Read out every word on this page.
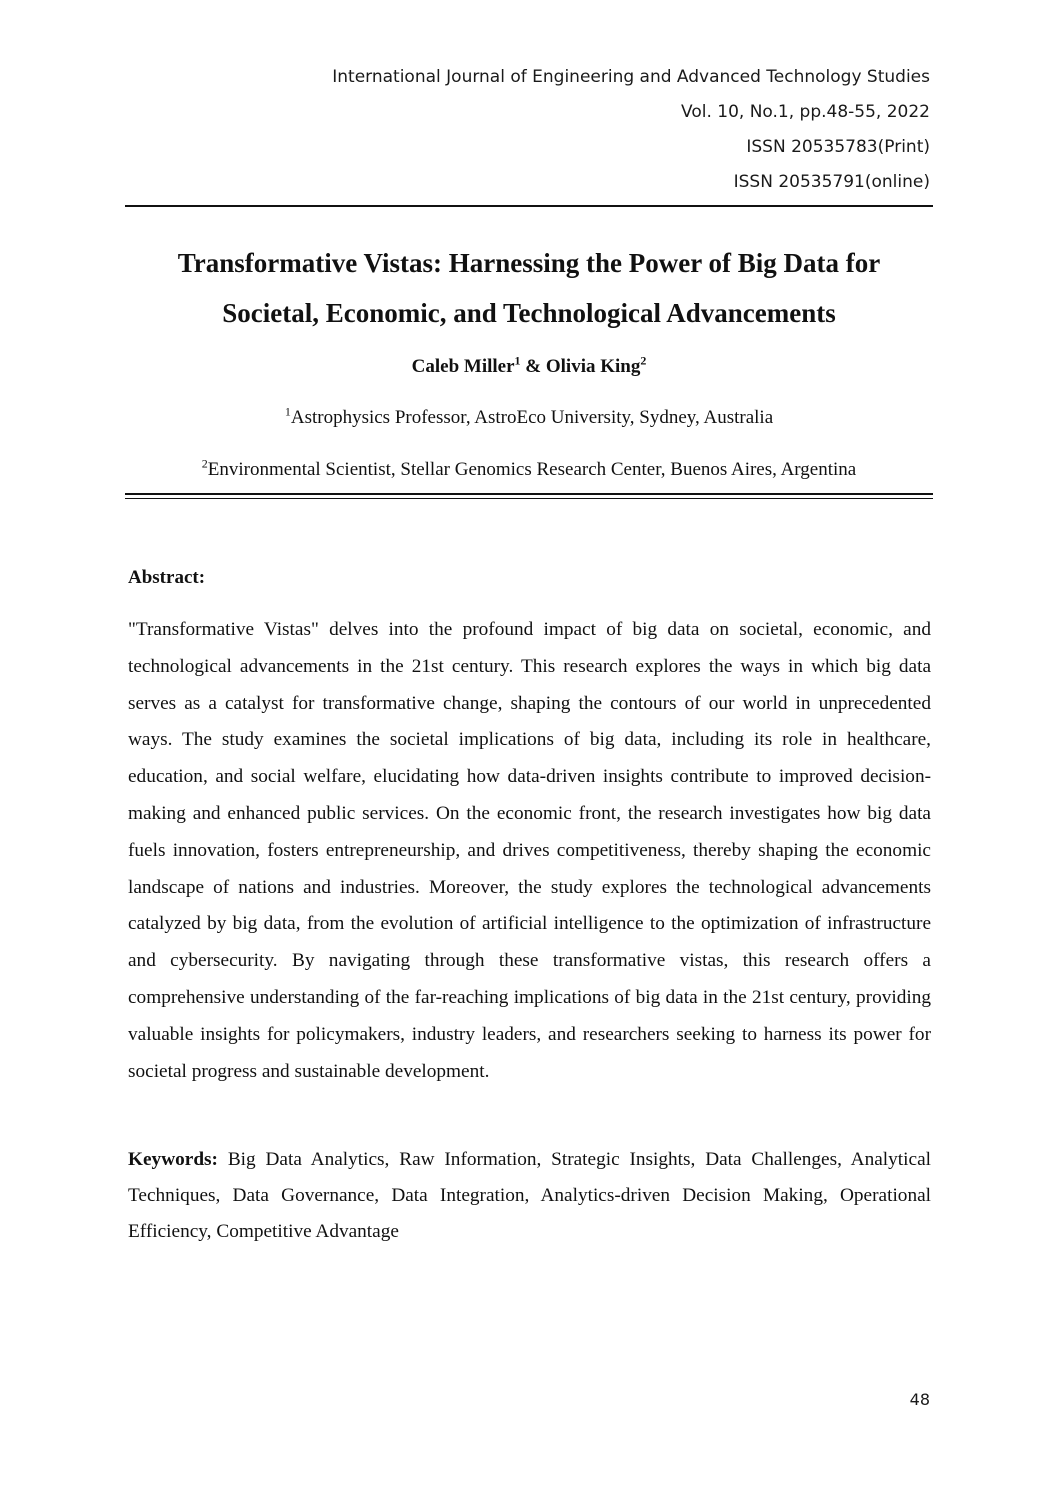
International Journal of Engineering and Advanced Technology Studies
Vol. 10, No.1, pp.48-55, 2022
ISSN 20535783(Print)
ISSN 20535791(online)
Transformative Vistas: Harnessing the Power of Big Data for
Societal, Economic, and Technological Advancements
Caleb Miller$^1$ & Olivia King$^2$
$^1$Astrophysics Professor, AstroEco University, Sydney, Australia
$^2$Environmental Scientist, Stellar Genomics Research Center, Buenos Aires, Argentina
Abstract:

"Transformative Vistas" delves into the profound impact of big data on societal, economic, and technological advancements in the 21st century. This research explores the ways in which big data serves as a catalyst for transformative change, shaping the contours of our world in unprecedented ways. The study examines the societal implications of big data, including its role in healthcare, education, and social welfare, elucidating how data-driven insights contribute to improved decision-making and enhanced public services. On the economic front, the research investigates how big data fuels innovation, fosters entrepreneurship, and drives competitiveness, thereby shaping the economic landscape of nations and industries. Moreover, the study explores the technological advancements catalyzed by big data, from the evolution of artificial intelligence to the optimization of infrastructure and cybersecurity. By navigating through these transformative vistas, this research offers a comprehensive understanding of the far-reaching implications of big data in the 21st century, providing valuable insights for policymakers, industry leaders, and researchers seeking to harness its power for societal progress and sustainable development.

Keywords: Big Data Analytics, Raw Information, Strategic Insights, Data Challenges, Analytical Techniques, Data Governance, Data Integration, Analytics-driven Decision Making, Operational Efficiency, Competitive Advantage

48
